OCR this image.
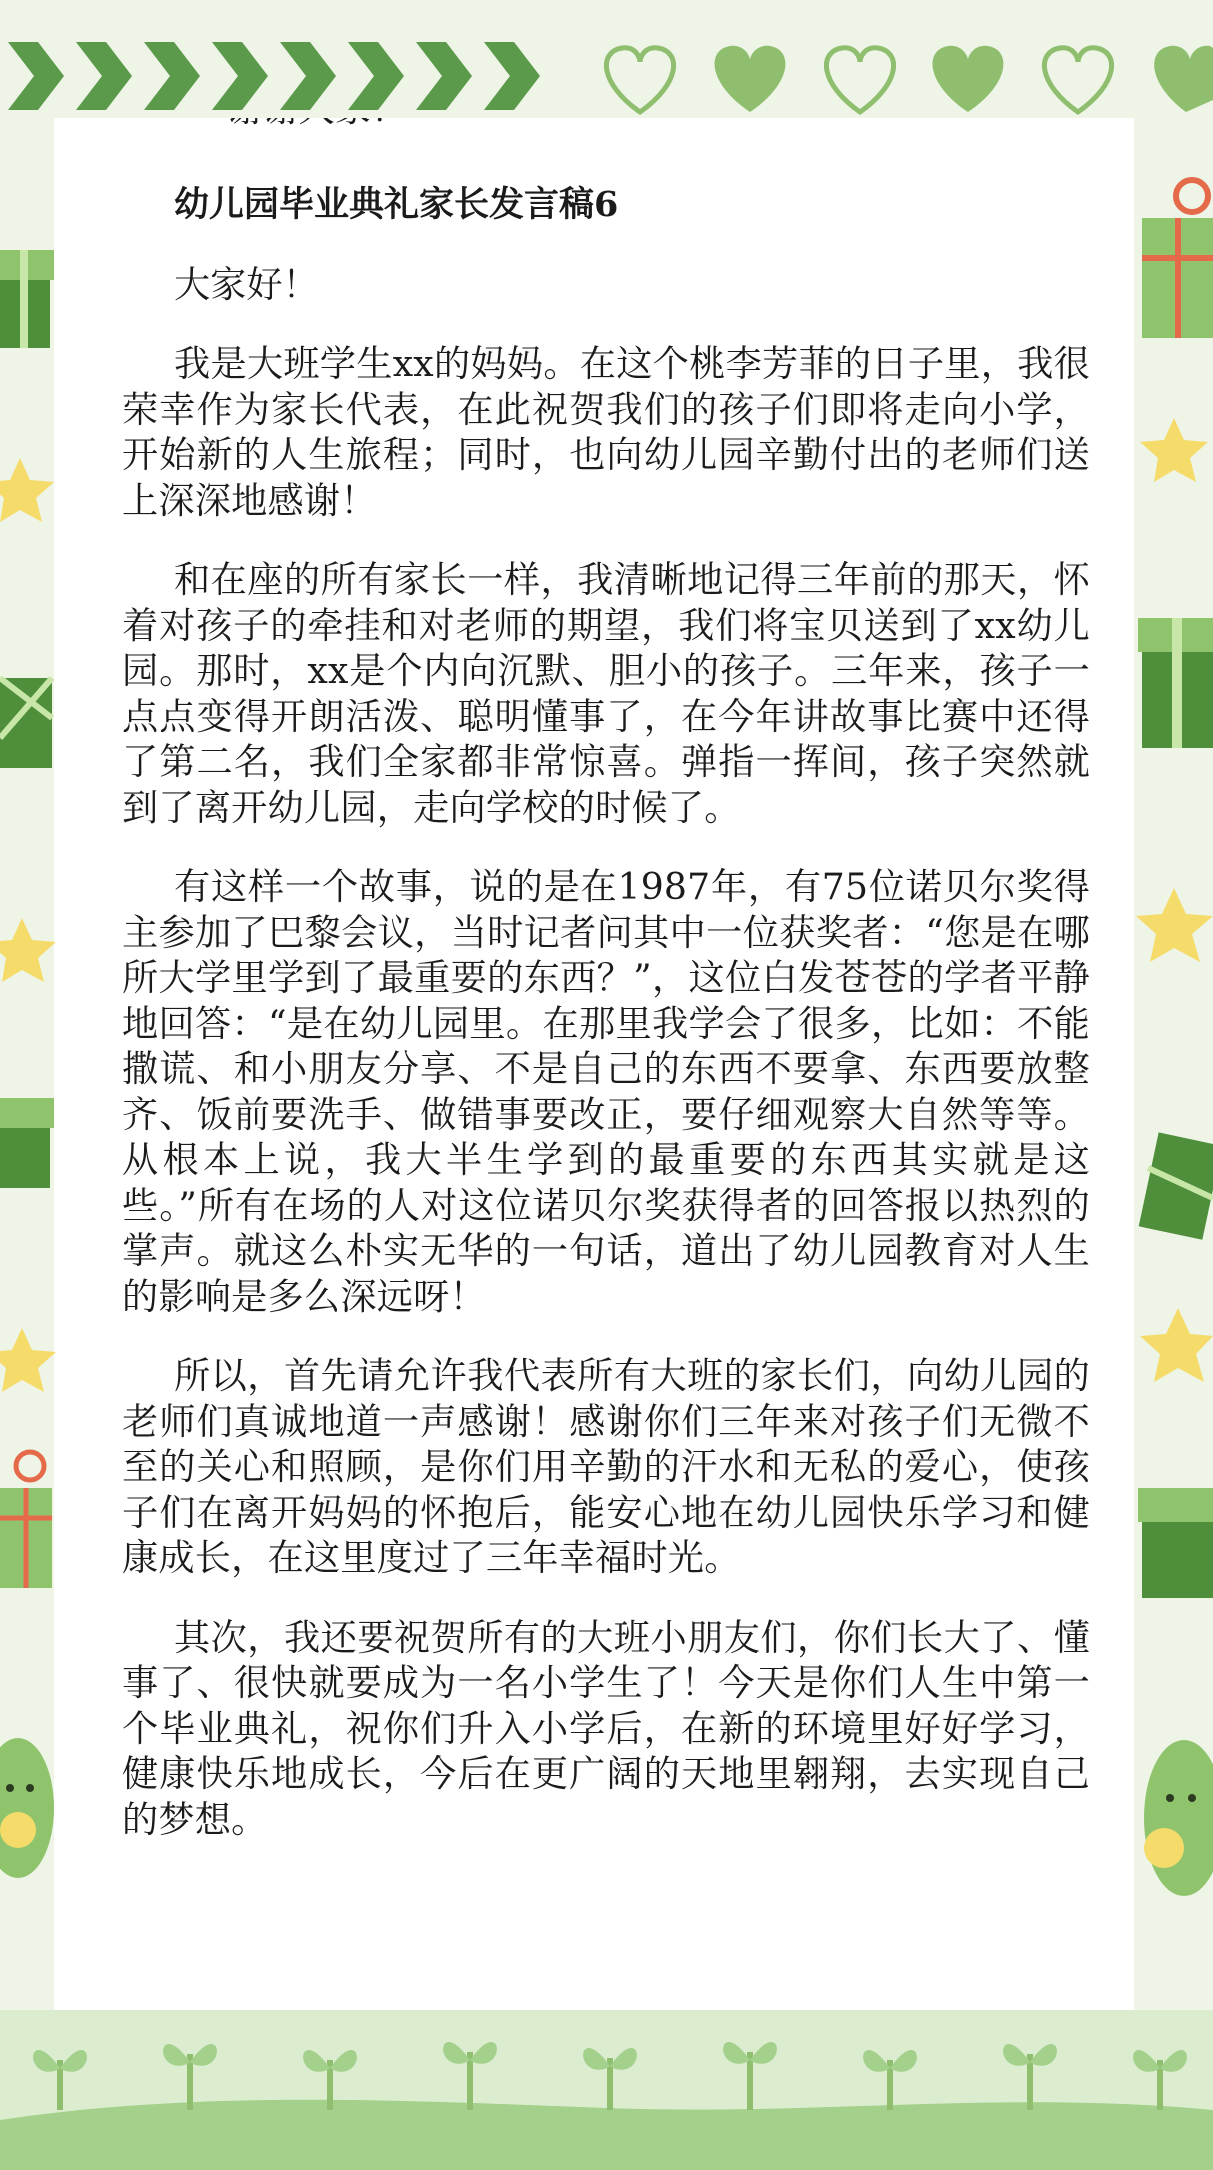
幼儿园毕业典礼家长发言稿6

大家好！

我是大班学生xx的妈妈。在这个桃李芳菲的日子里，我很荣幸作为家长代表，在此祝贺我们的孩子们即将走向小学，开始新的人生旅程；同时，也向幼儿园辛勤付出的老师们送上深深地感谢！

和在座的所有家长一样，我清晰地记得三年前的那天，怀着对孩子的牵挂和对老师的期望，我们将宝贝送到了xx幼儿园。那时，xx是个内向沉默、胆小的孩子。三年来，孩子一点点变得开朗活泼、聪明懂事了，在今年讲故事比赛中还得了第二名，我们全家都非常惊喜。弹指一挥间，孩子突然就到了离开幼儿园，走向学校的时候了。

有这样一个故事，说的是在1987年，有75位诺贝尔奖得主参加了巴黎会议，当时记者问其中一位获奖者：“您是在哪所大学里学到了最重要的东西？”，这位白发苍苍的学者平静地回答：“是在幼儿园里。在那里我学会了很多，比如：不能撒谎、和小朋友分享、不是自己的东西不要拿、东西要放整齐、饭前要洗手、做错事要改正，要仔细观察大自然等等。从根本上说，我大半生学到的最重要的东西其实就是这些。”所有在场的人对这位诺贝尔奖获得者的回答报以热烈的掌声。就这么朴实无华的一句话，道出了幼儿园教育对人生的影响是多么深远呀！

所以，首先请允许我代表所有大班的家长们，向幼儿园的老师们真诚地道一声感谢！感谢你们三年来对孩子们无微不至的关心和照顾，是你们用辛勤的汗水和无私的爱心，使孩子们在离开妈妈的怀抱后，能安心地在幼儿园快乐学习和健康成长，在这里度过了三年幸福时光。

其次，我还要祝贺所有的大班小朋友们，你们长大了、懂事了、很快就要成为一名小学生了！今天是你们人生中第一个毕业典礼，祝你们升入小学后，在新的环境里好好学习，健康快乐地成长，今后在更广阔的天地里翱翔，去实现自己的梦想。
